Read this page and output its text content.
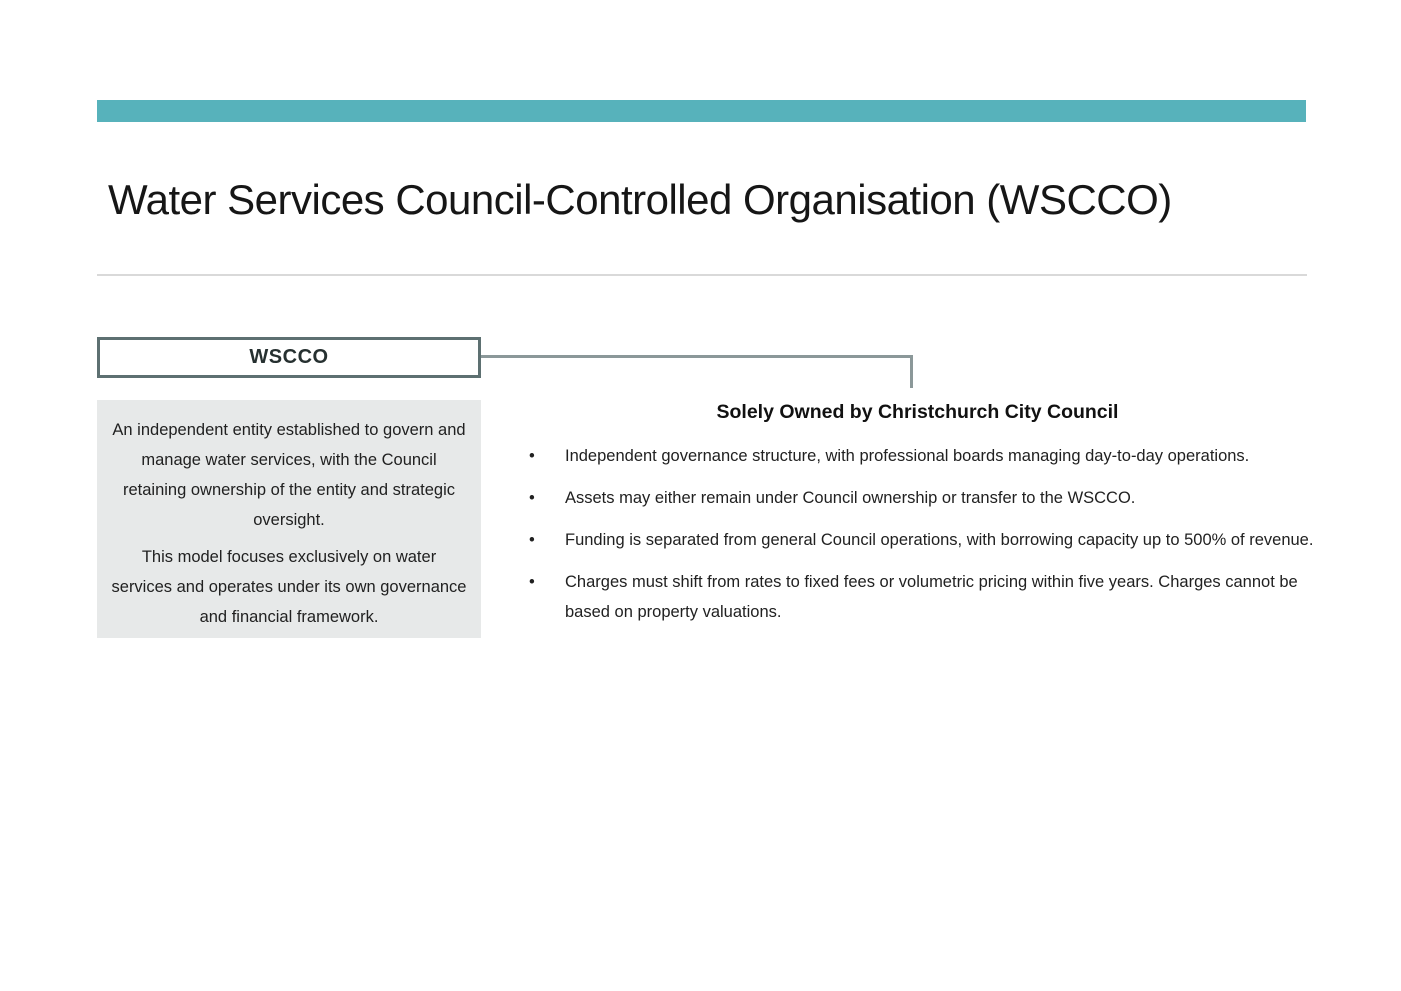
Water Services Council-Controlled Organisation (WSCCO)
WSCCO

An independent entity established to govern and manage water services, with the Council retaining ownership of the entity and strategic oversight.

This model focuses exclusively on water services and operates under its own governance and financial framework.

Solely Owned by Christchurch City Council
• Independent governance structure, with professional boards managing day-to-day operations.
• Assets may either remain under Council ownership or transfer to the WSCCO.
• Funding is separated from general Council operations, with borrowing capacity up to 500% of revenue.
• Charges must shift from rates to fixed fees or volumetric pricing within five years. Charges cannot be based on property valuations.
